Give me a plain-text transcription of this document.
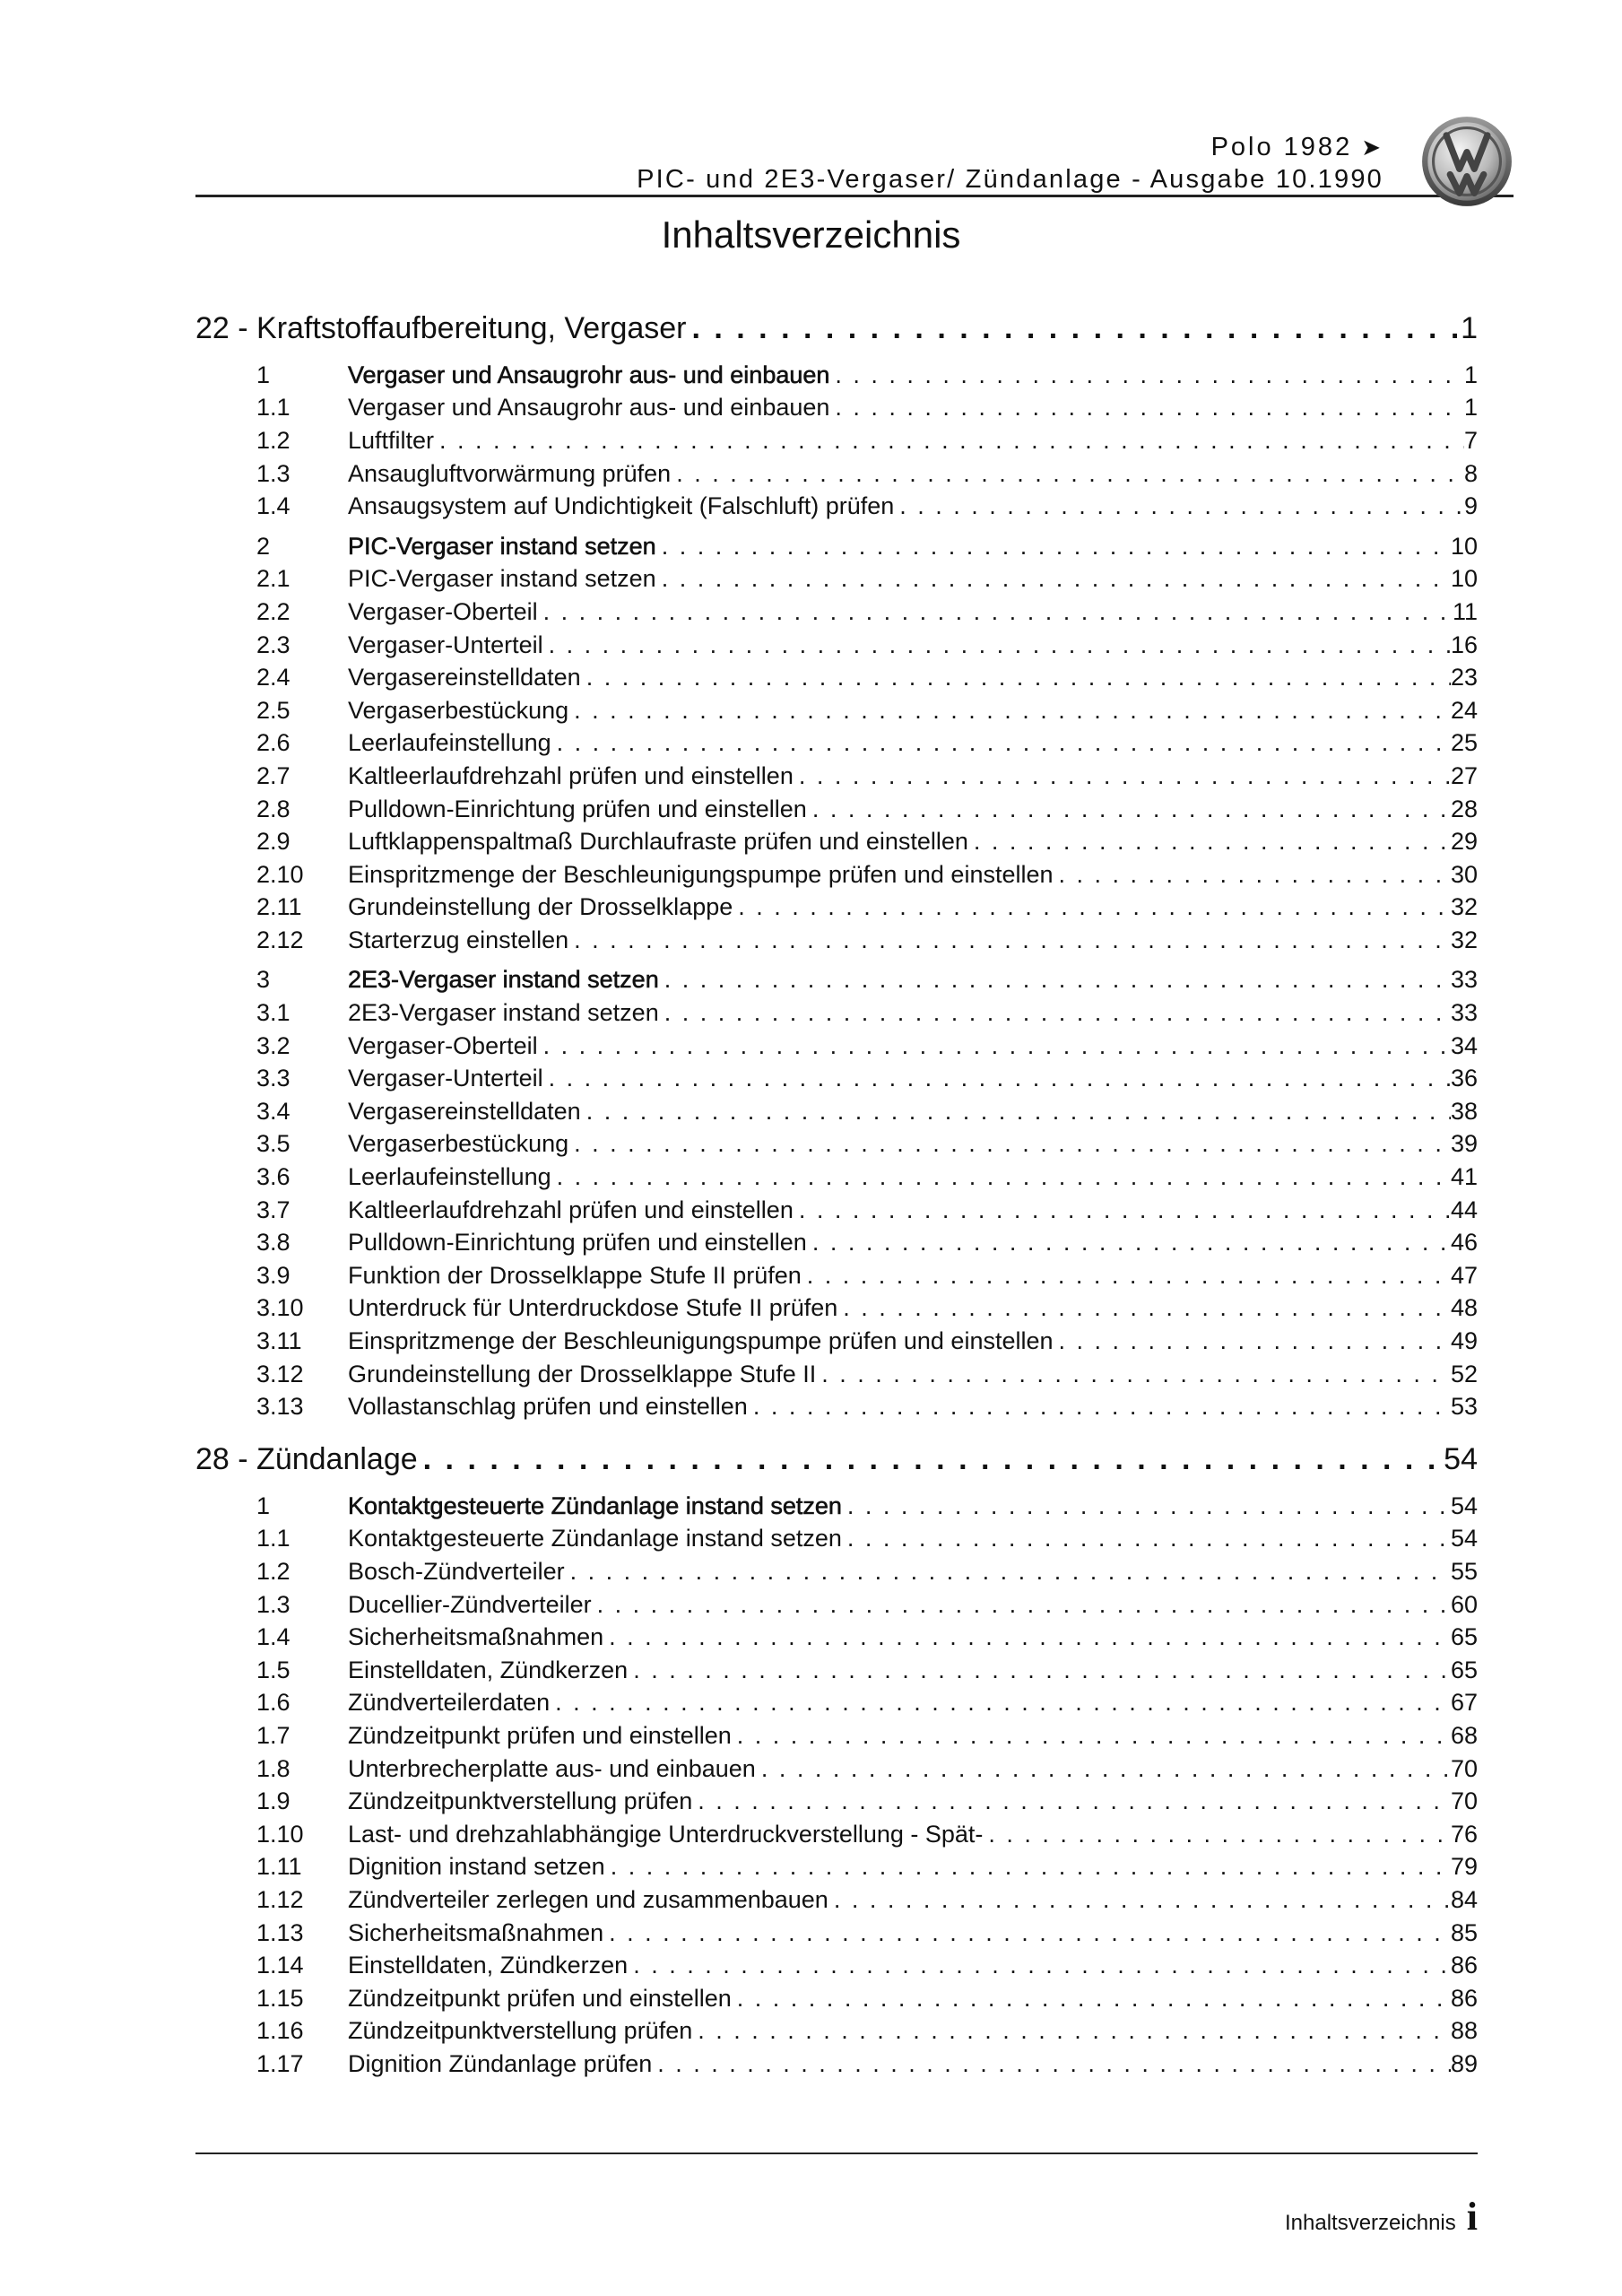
Polo 1982 ➤
PIC- und 2E3-Vergaser/ Zündanlage - Ausgabe 10.1990
Inhaltsverzeichnis
22 - Kraftstoffaufbereitung, Vergaser . . .	1
1	Vergaser und Ansaugrohr aus- und einbauen . . .	1
1.1	Vergaser und Ansaugrohr aus- und einbauen . . .	1
1.2	Luftfilter . . .	7
1.3	Ansaugluftvorwärmung prüfen . . .	8
1.4	Ansaugsystem auf Undichtigkeit (Falschluft) prüfen . . .	9
2	PIC-Vergaser instand setzen . . .	10
2.1	PIC-Vergaser instand setzen . . .	10
2.2	Vergaser-Oberteil . . .	11
2.3	Vergaser-Unterteil . . .	16
2.4	Vergasereinstelldaten . . .	23
2.5	Vergaserbestückung . . .	24
2.6	Leerlaufeinstellung . . .	25
2.7	Kaltleerlaufdrehzahl prüfen und einstellen . . .	27
2.8	Pulldown-Einrichtung prüfen und einstellen . . .	28
2.9	Luftklappenspaltmaß Durchlaufraste prüfen und einstellen . . .	29
2.10	Einspritzmenge der Beschleunigungspumpe prüfen und einstellen . . .	30
2.11	Grundeinstellung der Drosselklappe . . .	32
2.12	Starterzug einstellen . . .	32
3	2E3-Vergaser instand setzen . . .	33
3.1	2E3-Vergaser instand setzen . . .	33
3.2	Vergaser-Oberteil . . .	34
3.3	Vergaser-Unterteil . . .	36
3.4	Vergasereinstelldaten . . .	38
3.5	Vergaserbestückung . . .	39
3.6	Leerlaufeinstellung . . .	41
3.7	Kaltleerlaufdrehzahl prüfen und einstellen . . .	44
3.8	Pulldown-Einrichtung prüfen und einstellen . . .	46
3.9	Funktion der Drosselklappe Stufe II prüfen . . .	47
3.10	Unterdruck für Unterdruckdose Stufe II prüfen . . .	48
3.11	Einspritzmenge der Beschleunigungspumpe prüfen und einstellen . . .	49
3.12	Grundeinstellung der Drosselklappe Stufe II . . .	52
3.13	Vollastanschlag prüfen und einstellen . . .	53
28 - Zündanlage . . .	54
1	Kontaktgesteuerte Zündanlage instand setzen . . .	54
1.1	Kontaktgesteuerte Zündanlage instand setzen . . .	54
1.2	Bosch-Zündverteiler . . .	55
1.3	Ducellier-Zündverteiler . . .	60
1.4	Sicherheitsmaßnahmen . . .	65
1.5	Einstelldaten, Zündkerzen . . .	65
1.6	Zündverteilerdaten . . .	67
1.7	Zündzeitpunkt prüfen und einstellen . . .	68
1.8	Unterbrecherplatte aus- und einbauen . . .	70
1.9	Zündzeitpunktverstellung prüfen . . .	70
1.10	Last- und drehzahlabhängige Unterdruckverstellung - Spät- . . .	76
1.11	Dignition instand setzen . . .	79
1.12	Zündverteiler zerlegen und zusammenbauen . . .	84
1.13	Sicherheitsmaßnahmen . . .	85
1.14	Einstelldaten, Zündkerzen . . .	86
1.15	Zündzeitpunkt prüfen und einstellen . . .	86
1.16	Zündzeitpunktverstellung prüfen . . .	88
1.17	Dignition Zündanlage prüfen . . .	89
Inhaltsverzeichnis i
